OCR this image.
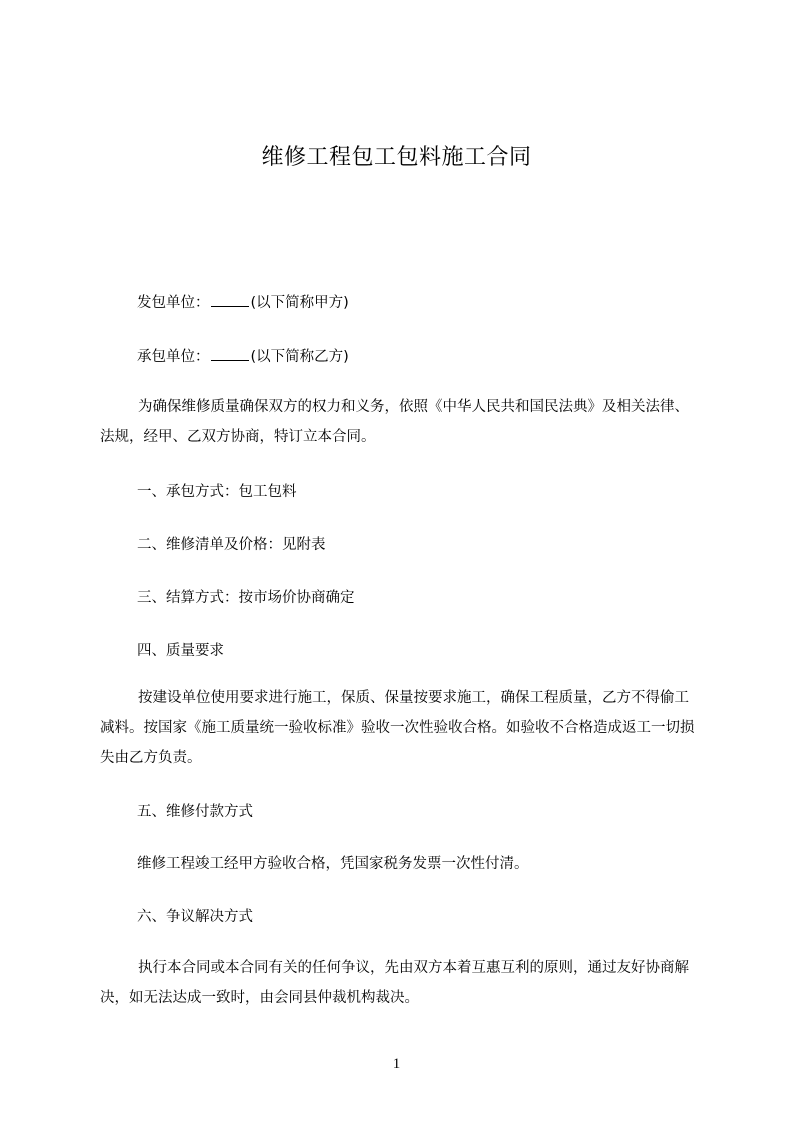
维修工程包工包料施工合同
发包单位：	(以下简称甲方)
承包单位：	(以下简称乙方)
为确保维修质量确保双方的权力和义务，依照《中华人民共和国民法典》及相关法律、法规，经甲、乙双方协商，特订立本合同。
一、承包方式：包工包料
二、维修清单及价格：见附表
三、结算方式：按市场价协商确定
四、质量要求
按建设单位使用要求进行施工，保质、保量按要求施工，确保工程质量，乙方不得偷工减料。按国家《施工质量统一验收标准》验收一次性验收合格。如验收不合格造成返工一切损失由乙方负责。
五、维修付款方式
维修工程竣工经甲方验收合格，凭国家税务发票一次性付清。
六、争议解决方式
执行本合同或本合同有关的任何争议，先由双方本着互惠互利的原则，通过友好协商解决，如无法达成一致时，由会同县仲裁机构裁决。
1
